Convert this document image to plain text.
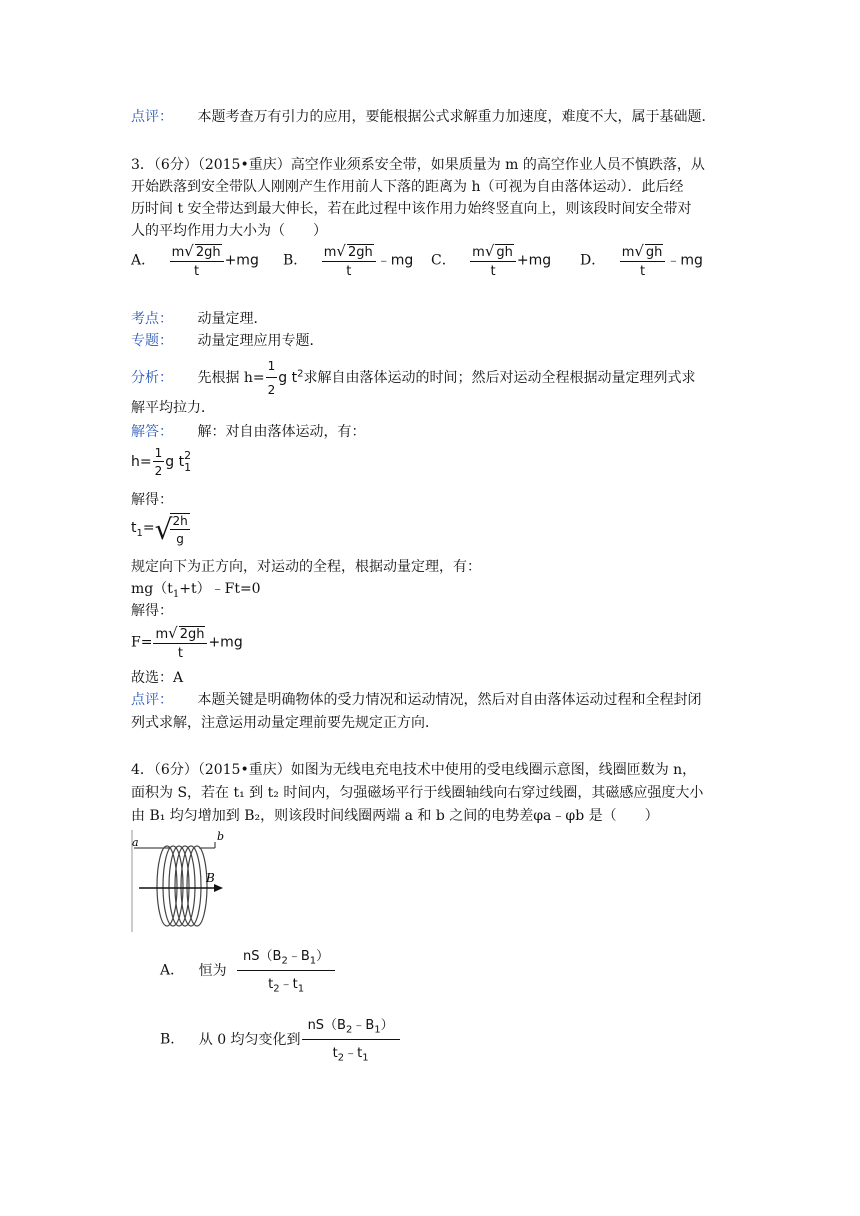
点评： 本题考查万有引力的应用，要能根据公式求解重力加速度，难度不大，属于基础题．
3．（6分）（2015•重庆）高空作业须系安全带，如果质量为 m 的高空作业人员不慎跌落，从
开始跌落到安全带队人刚刚产生作用前人下落的距离为 h（可视为自由落体运动）．此后经
历时间 t 安全带达到最大伸长，若在此过程中该作用力始终竖直向上，则该段时间安全带对
人的平均作用力大小为（　　）
A． $\frac{m√ 2gh}{t} +mg$ B． $\frac{m√ 2gh}{t}$ ﹣mg C． $\frac{m√ gh}{t} +mg$ D． $\frac{m√ gh}{t}$ ﹣mg
考点： 动量定理．
专题： 动量定理应用专题．
分析： 先根据 $h= \frac{1}{2}$ g $t^2$求解自由落体运动的时间；然后对运动全程根据动量定理列式求
解平均拉力．
解答： 解：对自由落体运动，有：
$h= \frac{1}{2}$ g t2
1
解得：
$t_1=√$
$\frac{2h}{g}$
规定向下为正方向，对运动的全程，根据动量定理，有：
$mg(t_1+t)﹣Ft=0$
解得：
$F= \frac{m√ 2gh}{t} +mg$
故选：A
点评： 本题关键是明确物体的受力情况和运动情况，然后对自由落体运动过程和全程封闭
列式求解，注意运用动量定理前要先规定正方向．
4．（6分）（2015•重庆）如图为无线电充电技术中使用的受电线圈示意图，线圈匝数为 n，
面积为 S，若在 t₁ 到 t₂ 时间内，匀强磁场平行于线圈轴线向右穿过线圈，其磁感应强度大小
由 B₁ 均匀增加到 B₂，则该段时间线圈两端 a 和 b 之间的电势差φa﹣φb 是（　　）
a	b
B
A． 恒为 $\frac{nS(B_2﹣B_1)}{t_2﹣t_1}$
B． 从 0 均匀变化到 $\frac{nS(B_2﹣B_1)}{t_2﹣t_1}$
